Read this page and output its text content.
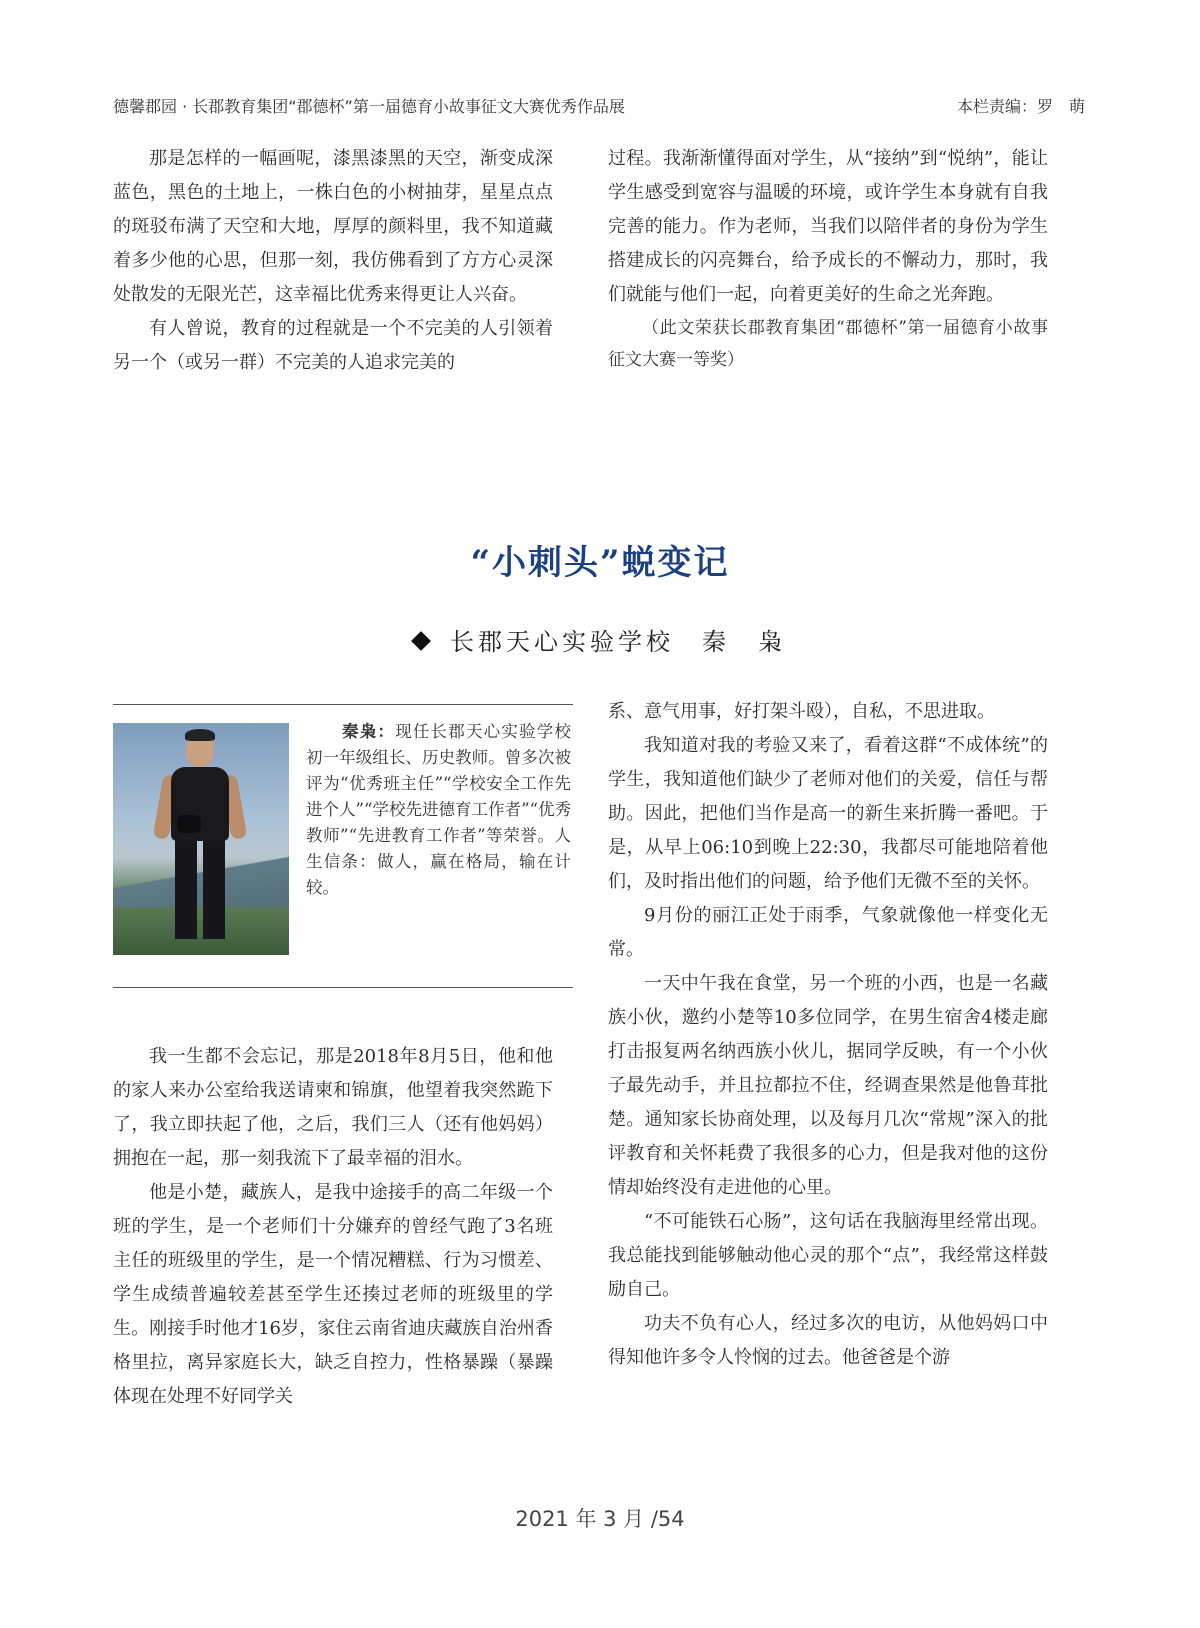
德馨郡园 · 长郡教育集团“郡德杯”第一届德育小故事征文大赛优秀作品展	本栏责编：罗　萌

那是怎样的一幅画呢，漆黑漆黑的天空，渐变成深蓝色，黑色的土地上，一株白色的小树抽芽，星星点点的斑驳布满了天空和大地，厚厚的颜料里，我不知道藏着多少他的心思，但那一刻，我仿佛看到了方方心灵深处散发的无限光芒，这幸福比优秀来得更让人兴奋。

有人曾说，教育的过程就是一个不完美的人引领着另一个（或另一群）不完美的人追求完美的

过程。我渐渐懂得面对学生，从“接纳”到“悦纳”，能让学生感受到宽容与温暖的环境，或许学生本身就有自我完善的能力。作为老师，当我们以陪伴者的身份为学生搭建成长的闪亮舞台，给予成长的不懈动力，那时，我们就能与他们一起，向着更美好的生命之光奔跑。

（此文荣获长郡教育集团“郡德杯”第一届德育小故事征文大赛一等奖）

“小刺头”蜕变记
长郡天心实验学校　秦　枭
秦枭：现任长郡天心实验学校初一年级组长、历史教师。曾多次被评为“优秀班主任”“学校安全工作先进个人”“学校先进德育工作者”“优秀教师”“先进教育工作者”等荣誉。人生信条：做人，赢在格局，输在计较。

我一生都不会忘记，那是2018年8月5日，他和他的家人来办公室给我送请柬和锦旗，他望着我突然跪下了，我立即扶起了他，之后，我们三人（还有他妈妈）拥抱在一起，那一刻我流下了最幸福的泪水。

他是小楚，藏族人，是我中途接手的高二年级一个班的学生，是一个老师们十分嫌弃的曾经气跑了3名班主任的班级里的学生，是一个情况糟糕、行为习惯差、学生成绩普遍较差甚至学生还揍过老师的班级里的学生。刚接手时他才16岁，家住云南省迪庆藏族自治州香格里拉，离异家庭长大，缺乏自控力，性格暴躁（暴躁体现在处理不好同学关

系、意气用事，好打架斗殴），自私，不思进取。

我知道对我的考验又来了，看着这群“不成体统”的学生，我知道他们缺少了老师对他们的关爱，信任与帮助。因此，把他们当作是高一的新生来折腾一番吧。于是，从早上06:10到晚上22:30，我都尽可能地陪着他们，及时指出他们的问题，给予他们无微不至的关怀。

9月份的丽江正处于雨季，气象就像他一样变化无常。

一天中午我在食堂，另一个班的小西，也是一名藏族小伙，邀约小楚等10多位同学，在男生宿舍4楼走廊打击报复两名纳西族小伙儿，据同学反映，有一个小伙子最先动手，并且拉都拉不住，经调查果然是他鲁茸批楚。通知家长协商处理，以及每月几次“常规”深入的批评教育和关怀耗费了我很多的心力，但是我对他的这份情却始终没有走进他的心里。

“不可能铁石心肠”，这句话在我脑海里经常出现。我总能找到能够触动他心灵的那个“点”，我经常这样鼓励自己。

功夫不负有心人，经过多次的电访，从他妈妈口中得知他许多令人怜悯的过去。他爸爸是个游

2021 年 3 月 /54
